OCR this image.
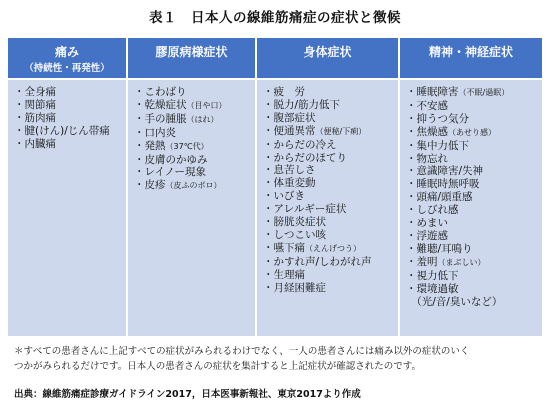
表１　日本人の線維筋痛症の症状と徴候
痛み
（持続性・再発性）
膠原病様症状	身体症状	精神・神経症状
・全身痛
・関節痛
・筋肉痛
・腱(けん)/じん帯痛
・内臓痛
・こわばり
・乾燥症状（目や口）
・手の腫脹（はれ）
・口内炎
・発熱（37℃代）
・皮膚のかゆみ
・レイノー現象
・皮疹（皮ふのボロ）
・疲　労
・脱力/筋力低下
・腹部症状
・便通異常（便秘/下痢）
・からだの冷え
・からだのほてり
・息苦しさ
・体重変動
・いびき
・アレルギー症状
・膀胱炎症状
・しつこい咳
・嚥下痛（えんげつう）
・かすれ声/しわがれ声
・生理痛
・月経困難症
・睡眠障害（不眠/過眠）
・不安感
・抑うつ気分
・焦燥感（あせり感）
・集中力低下
・物忘れ
・意識障害/失神
・睡眠時無呼吸
・頭痛/頭重感
・しびれ感
・めまい
・浮遊感
・難聴/耳鳴り
・羞明（まぶしい）
・視力低下
・環境過敏
　（光/音/臭いなど）
＊すべての患者さんに上記すべての症状がみられるわけでなく、一人の患者さんには痛み以外の症状のいく
つかがみられるだけです。日本人の患者さんの症状を集計すると上記症状が確認されたのです。
出典：線維筋痛症診療ガイドライン2017，日本医事新報社、東京2017より作成
